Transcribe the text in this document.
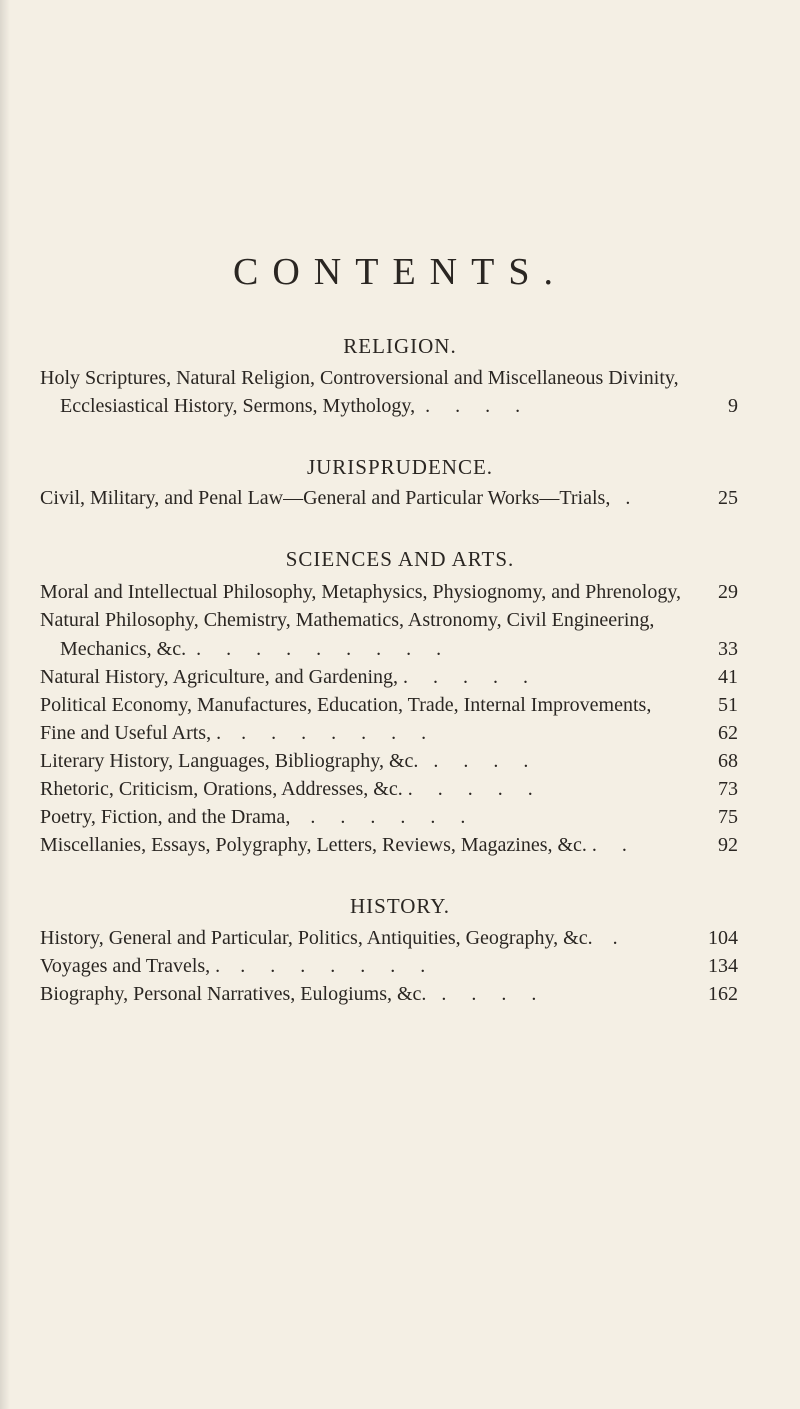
CONTENTS.
RELIGION.
Holy Scriptures, Natural Religion, Controversional and Miscellaneous Divinity,
Ecclesiastical History, Sermons, Mythology,  .     .     .     .	9
JURISPRUDENCE.
Civil, Military, and Penal Law—General and Particular Works—Trials,   .	25
SCIENCES AND ARTS.
Moral and Intellectual Philosophy, Metaphysics, Physiognomy, and Phrenology,	29
Natural Philosophy, Chemistry, Mathematics, Astronomy, Civil Engineering,
Mechanics, &c.  .     .     .     .     .     .     .     .     .	33
Natural History, Agriculture, and Gardening, .     .     .     .     .	41
Political Economy, Manufactures, Education, Trade, Internal Improvements,	51
Fine and Useful Arts, .    .     .     .     .     .     .     .	62
Literary History, Languages, Bibliography, &c.   .     .     .     .	68
Rhetoric, Criticism, Orations, Addresses, &c. .     .     .     .     .	73
Poetry, Fiction, and the Drama,    .     .     .     .     .     .	75
Miscellanies, Essays, Polygraphy, Letters, Reviews, Magazines, &c. .     .	92
HISTORY.
History, General and Particular, Politics, Antiquities, Geography, &c.    .	104
Voyages and Travels, .    .     .     .     .     .     .     .	134
Biography, Personal Narratives, Eulogiums, &c.   .     .     .     .	162
